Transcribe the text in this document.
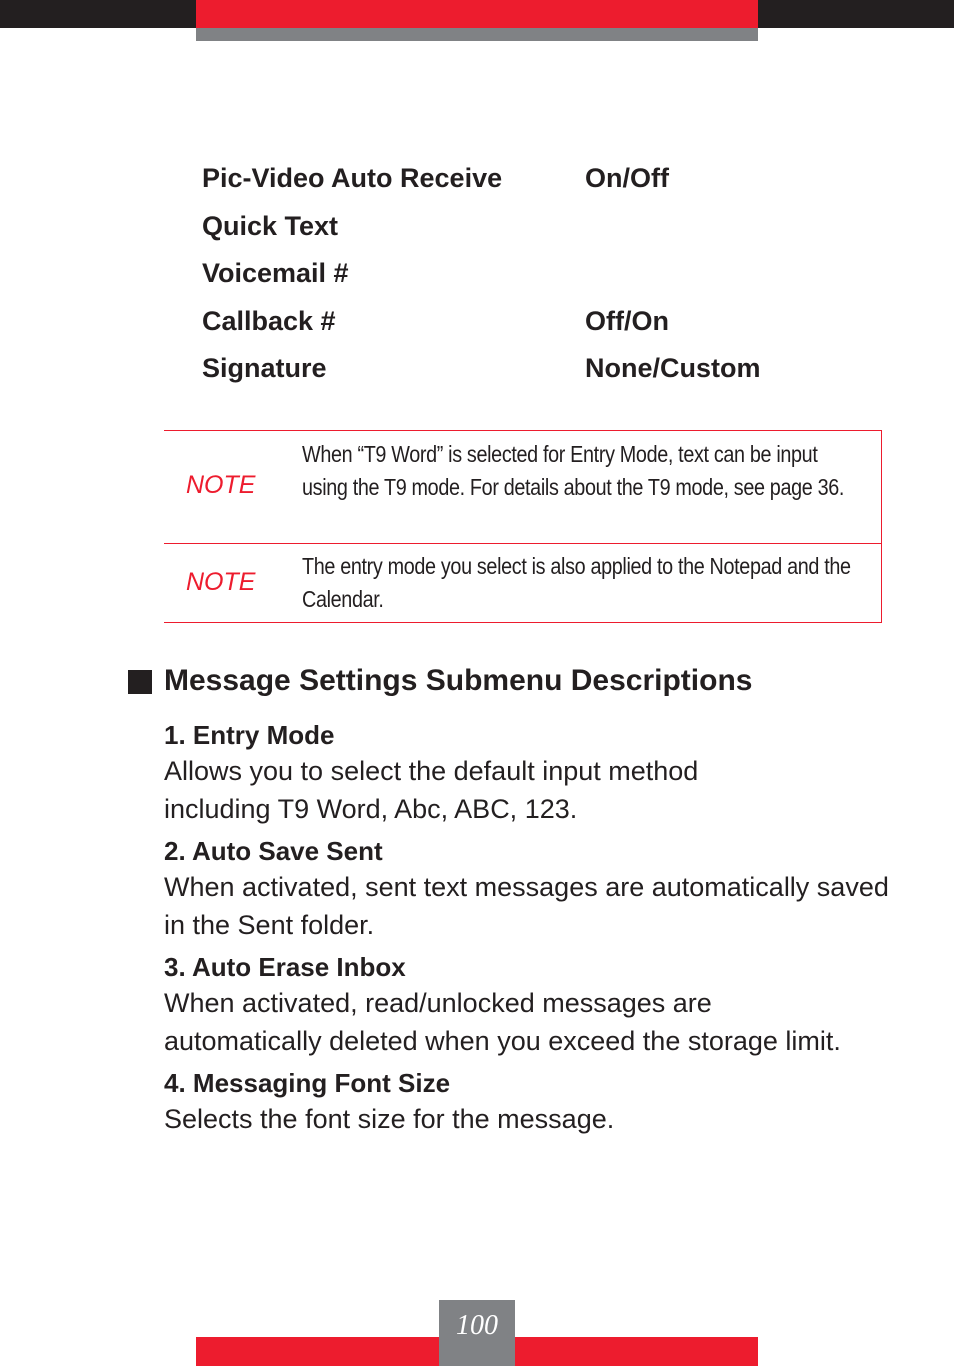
Pic-Video Auto Receive	On/Off
Quick Text
Voicemail #
Callback #	Off/On
Signature	None/Custom
NOTE
When “T9 Word” is selected for Entry Mode, text can be input using the T9 mode. For details about the T9 mode, see page 36.
NOTE
The entry mode you select is also applied to the Notepad and the Calendar.
Message Settings Submenu Descriptions
1. Entry Mode
Allows you to select the default input method including T9 Word, Abc, ABC, 123.
2. Auto Save Sent
When activated, sent text messages are automatically saved in the Sent folder.
3. Auto Erase Inbox
When activated, read/unlocked messages are automatically deleted when you exceed the storage limit.
4. Messaging Font Size
Selects the font size for the message.
100
